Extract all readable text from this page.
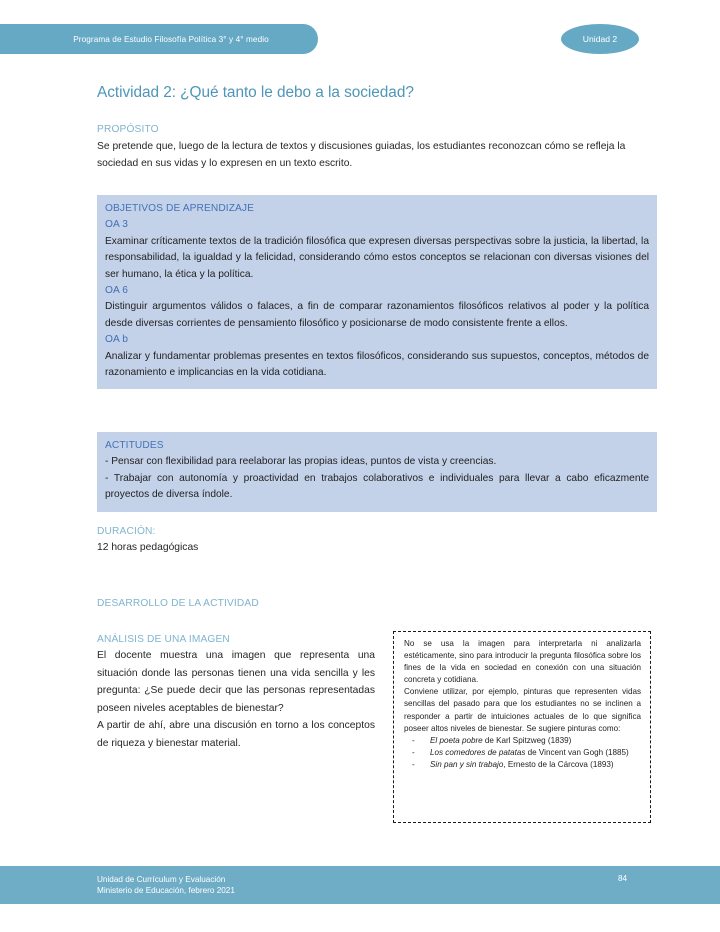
Programa de Estudio Filosofía Política 3° y 4° medio	Unidad 2
Actividad 2: ¿Qué tanto le debo a la sociedad?
PROPÓSITO
Se pretende que, luego de la lectura de textos y discusiones guiadas, los estudiantes reconozcan cómo se refleja la sociedad en sus vidas y lo expresen en un texto escrito.
OBJETIVOS DE APRENDIZAJE
OA 3
Examinar críticamente textos de la tradición filosófica que expresen diversas perspectivas sobre la justicia, la libertad, la responsabilidad, la igualdad y la felicidad, considerando cómo estos conceptos se relacionan con diversas visiones del ser humano, la ética y la política.
OA 6
Distinguir argumentos válidos o falaces, a fin de comparar razonamientos filosóficos relativos al poder y la política desde diversas corrientes de pensamiento filosófico y posicionarse de modo consistente frente a ellos.
OA b
Analizar y fundamentar problemas presentes en textos filosóficos, considerando sus supuestos, conceptos, métodos de razonamiento e implicancias en la vida cotidiana.
ACTITUDES
- Pensar con flexibilidad para reelaborar las propias ideas, puntos de vista y creencias.
- Trabajar con autonomía y proactividad en trabajos colaborativos e individuales para llevar a cabo eficazmente proyectos de diversa índole.
DURACIÓN:
12 horas pedagógicas
DESARROLLO DE LA ACTIVIDAD
ANÁLISIS DE UNA IMAGEN

El docente muestra una imagen que representa una situación donde las personas tienen una vida sencilla y les pregunta: ¿Se puede decir que las personas representadas poseen niveles aceptables de bienestar?

A partir de ahí, abre una discusión en torno a los conceptos de riqueza y bienestar material.

No se usa la imagen para interpretarla ni analizarla estéticamente, sino para introducir la pregunta filosófica sobre los fines de la vida en sociedad en conexión con una situación concreta y cotidiana.

Conviene utilizar, por ejemplo, pinturas que representen vidas sencillas del pasado para que los estudiantes no se inclinen a responder a partir de intuiciones actuales de lo que significa poseer altos niveles de bienestar. Se sugiere pinturas como:

- El poeta pobre de Karl Spitzweg (1839)
- Los comedores de patatas de Vincent van Gogh (1885)
- Sin pan y sin trabajo, Ernesto de la Cárcova (1893)
Unidad de Currículum y Evaluación
Ministerio de Educación, febrero 2021
84
